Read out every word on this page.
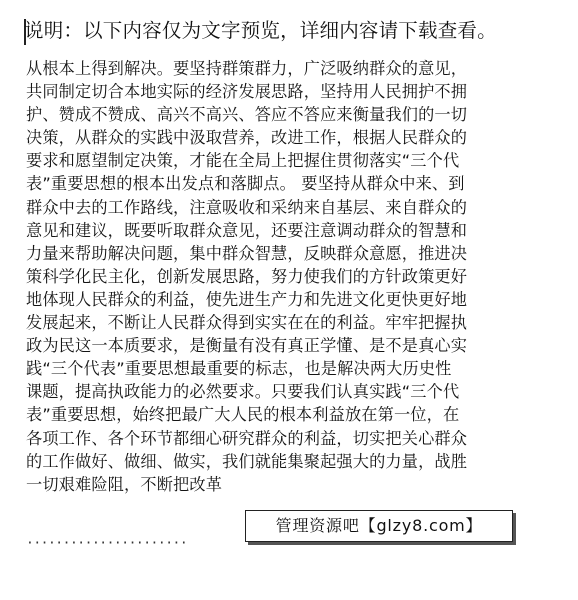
说明：以下内容仅为文字预览，详细内容请下载查看。
从根本上得到解决。要坚持群策群力，广泛吸纳群众的意见，
共同制定切合本地实际的经济发展思路，坚持用人民拥护不拥
护、赞成不赞成、高兴不高兴、答应不答应来衡量我们的一切
决策，从群众的实践中汲取营养，改进工作，根据人民群众的
要求和愿望制定决策，才能在全局上把握住贯彻落实“三个代
表”重要思想的根本出发点和落脚点。 要坚持从群众中来、到
群众中去的工作路线，注意吸收和采纳来自基层、来自群众的
意见和建议，既要听取群众意见，还要注意调动群众的智慧和
力量来帮助解决问题，集中群众智慧，反映群众意愿，推进决
策科学化民主化，创新发展思路，努力使我们的方针政策更好
地体现人民群众的利益，使先进生产力和先进文化更快更好地
发展起来，不断让人民群众得到实实在在的利益。牢牢把握执
政为民这一本质要求，是衡量有没有真正学懂、是不是真心实
践“三个代表”重要思想最重要的标志，也是解决两大历史性
课题，提高执政能力的必然要求。只要我们认真实践“三个代
表”重要思想，始终把最广大人民的根本利益放在第一位，在
各项工作、各个环节都细心研究群众的利益，切实把关心群众
的工作做好、做细、做实，我们就能集聚起强大的力量，战胜
一切艰难险阻，不断把改革
管理资源吧【glzy8.com】
······················
